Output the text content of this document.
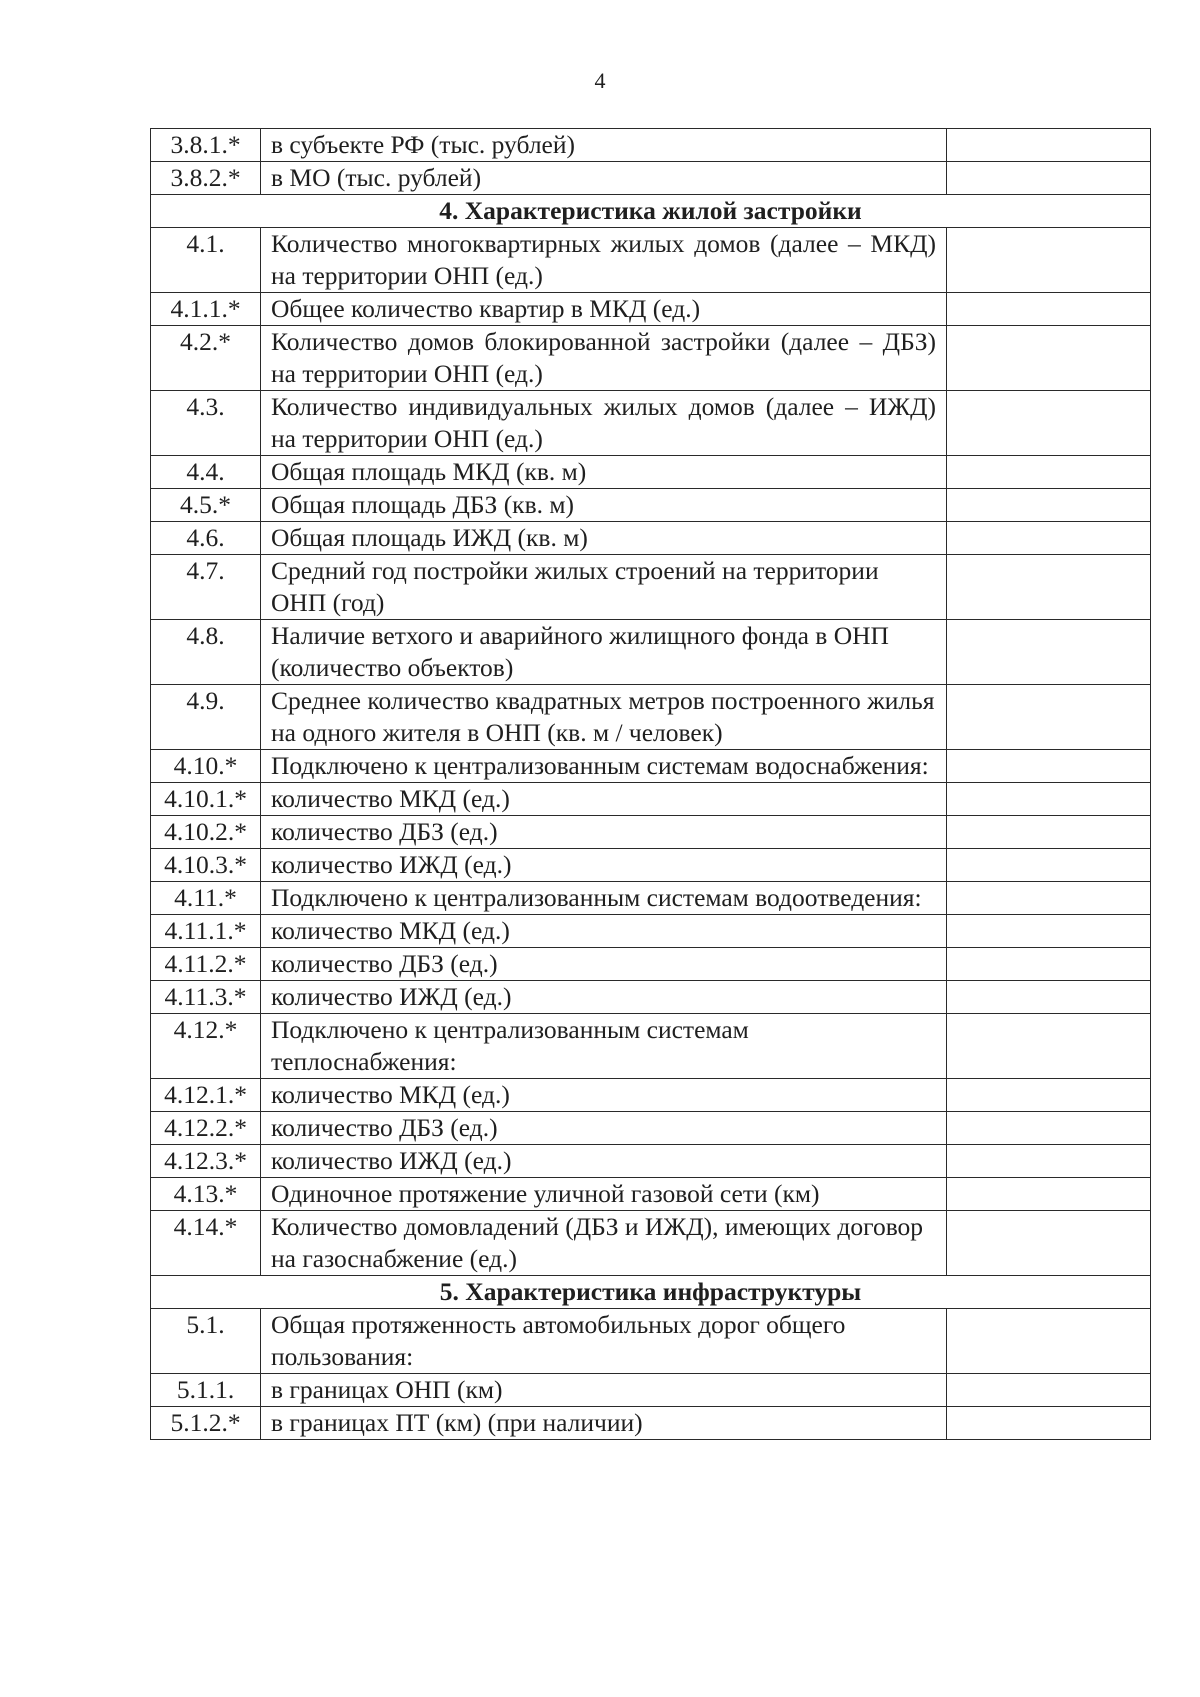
4
3.8.1.*	в субъекте РФ (тыс. рублей)	
3.8.2.*	в МО (тыс. рублей)	
4. Характеристика жилой застройки		
4.1.	Количество многоквартирных жилых домов (далее – МКД) на территории ОНП (ед.)	
4.1.1.*	Общее количество квартир в МКД (ед.)	
4.2.*	Количество домов блокированной застройки (далее – ДБЗ) на территории ОНП (ед.)	
4.3.	Количество индивидуальных жилых домов (далее – ИЖД) на территории ОНП (ед.)	
4.4.	Общая площадь МКД (кв. м)	
4.5.*	Общая площадь ДБЗ (кв. м)	
4.6.	Общая площадь ИЖД (кв. м)	
4.7.	Средний год постройки жилых строений на территории ОНП (год)	
4.8.	Наличие ветхого и аварийного жилищного фонда в ОНП (количество объектов)	
4.9.	Среднее количество квадратных метров построенного жилья на одного жителя в ОНП (кв. м / человек)	
4.10.*	Подключено к централизованным системам водоснабжения:	
4.10.1.*	количество МКД (ед.)	
4.10.2.*	количество ДБЗ (ед.)	
4.10.3.*	количество ИЖД (ед.)	
4.11.*	Подключено к централизованным системам водоотведения:	
4.11.1.*	количество МКД (ед.)	
4.11.2.*	количество ДБЗ (ед.)	
4.11.3.*	количество ИЖД (ед.)	
4.12.*	Подключено к централизованным системам теплоснабжения:	
4.12.1.*	количество МКД (ед.)	
4.12.2.*	количество ДБЗ (ед.)	
4.12.3.*	количество ИЖД (ед.)	
4.13.*	Одиночное протяжение уличной газовой сети (км)	
4.14.*	Количество домовладений (ДБЗ и ИЖД), имеющих договор на газоснабжение (ед.)	
5. Характеристика инфраструктуры		
5.1.	Общая протяженность автомобильных дорог общего пользования:	
5.1.1.	в границах ОНП (км)	
5.1.2.*	в границах ПТ (км) (при наличии)	
